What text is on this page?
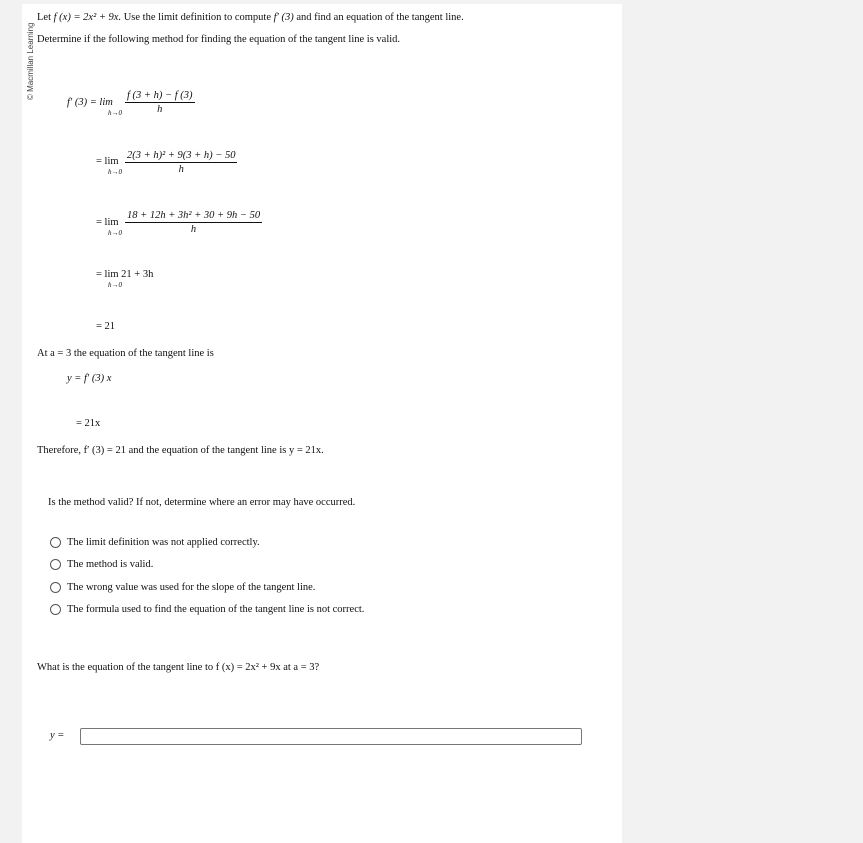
© Macmillan Learning
Let f (x) = 2x² + 9x. Use the limit definition to compute f′ (3) and find an equation of the tangent line.
Determine if the following method for finding the equation of the tangent line is valid.
f′ (3) = lim
$h\to 0 \frac{f (3 + h) - f (3)}{h}$
= lim
$h\to 0 \frac{\text{2(3 + h)² + 9(3 + h) − 50}}{h}$
= lim
$h\to 0 \frac{\text{18 + 12h + 3h² + 30 + 9h − 50}}{h}$
= lim 21 + 3h
h→0
= 21
At a = 3 the equation of the tangent line is
y = f′ (3) x
= 21x
Therefore, f′ (3) = 21 and the equation of the tangent line is y = 21x.
Is the method valid? If not, determine where an error may have occurred.
The limit definition was not applied correctly.
The method is valid.
The wrong value was used for the slope of the tangent line.
The formula used to find the equation of the tangent line is not correct.
What is the equation of the tangent line to f (x) = 2x² + 9x at a = 3?
y =
